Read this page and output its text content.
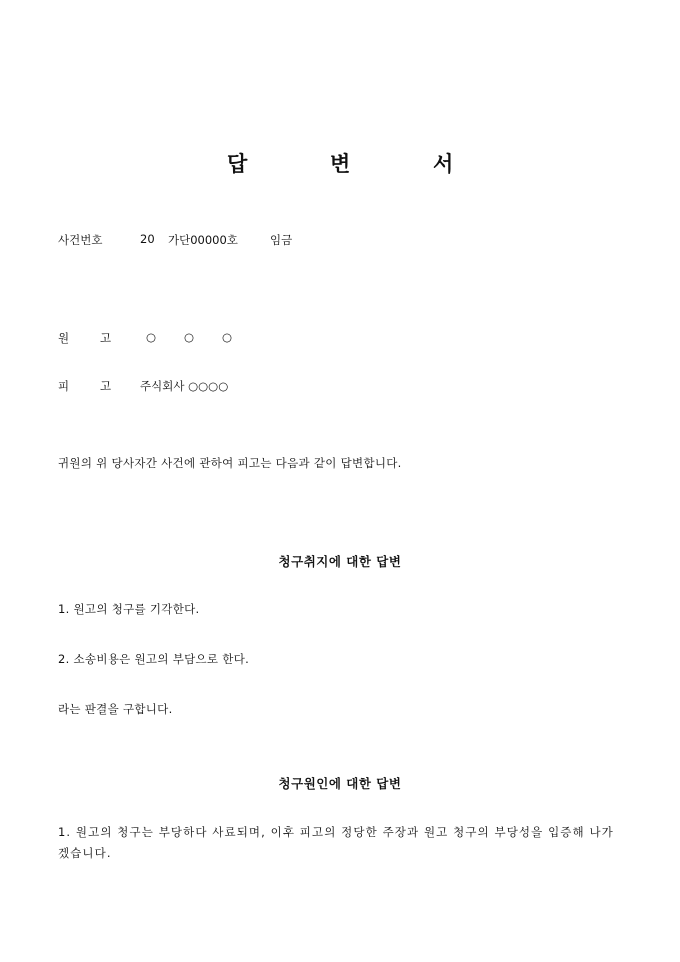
답	변	서
사건번호	20 가단00000호	임금
원	고	○ ○ ○
피	고	주식회사 ○○○○
귀원의 위 당사자간 사건에 관하여 피고는 다음과 같이 답변합니다.
청구취지에 대한 답변
1. 원고의 청구를 기각한다.
2. 소송비용은 원고의 부담으로 한다.
라는 판결을 구합니다.
청구원인에 대한 답변
1. 원고의 청구는 부당하다 사료되며, 이후 피고의 정당한 주장과 원고 청구의 부당성을 입증해 나가겠습니다.
